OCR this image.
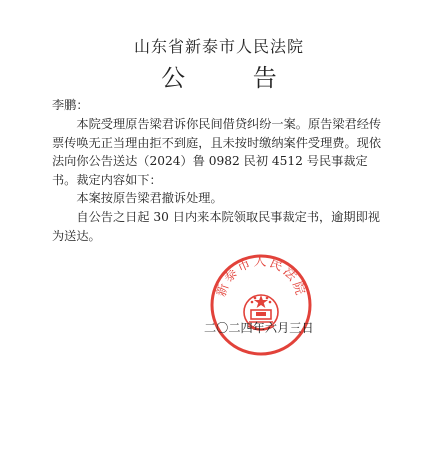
山东省新泰市人民法院
公 告
李鹏：
本院受理原告梁君诉你民间借贷纠纷一案。原告梁君经传票传唤无正当理由拒不到庭，且未按时缴纳案件受理费。现依法向你公告送达（2024）鲁 0982 民初 4512 号民事裁定书。裁定内容如下：
本案按原告梁君撤诉处理。
自公告之日起 30 日内来本院领取民事裁定书，逾期即视为送达。
新泰市人民法院
二〇二四年六月三日
